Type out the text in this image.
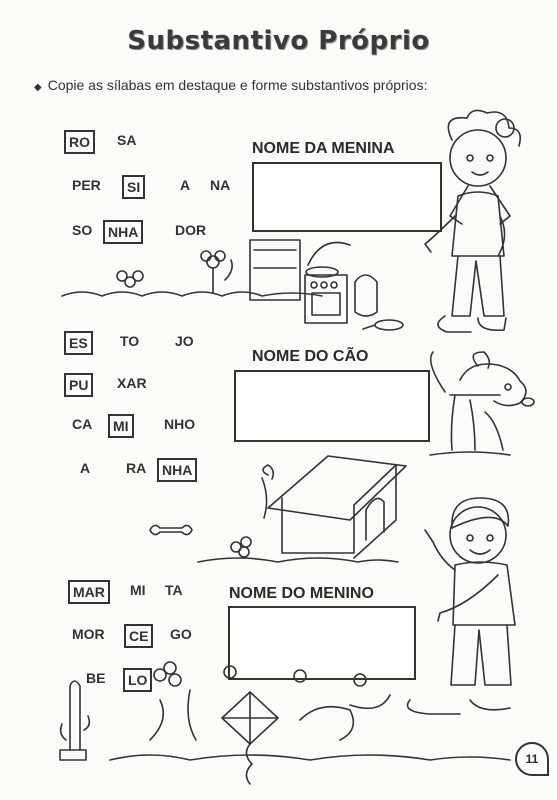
Substantivo Próprio
◆ Copie as sílabas em destaque e forme substantivos próprios:
RO	SA
PER	SI	A NA
SO	NHA	DOR
NOME DA MENINA
ES	TO	JO
PU	XAR
CA	MI	NHO
A	RA	NHA
NOME DO CÃO
MAR	MI TA
MOR	CE	GO
BE	LO
NOME DO MENINO
11
